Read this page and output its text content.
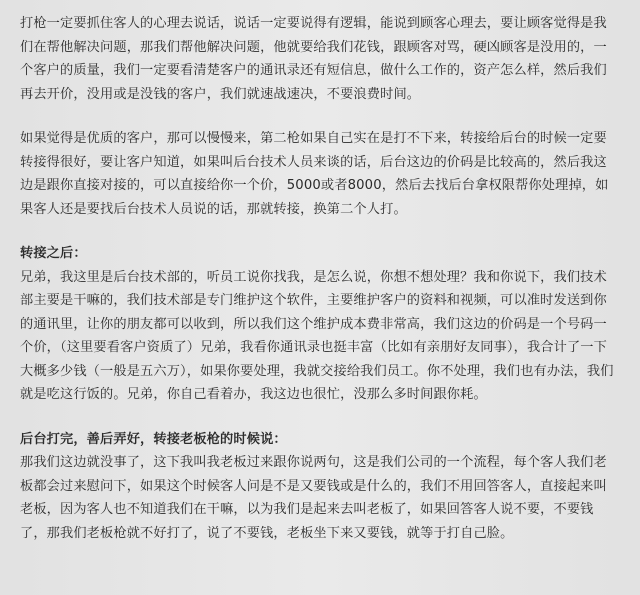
打枪一定要抓住客人的心理去说话，说话一定要说得有逻辑，能说到顾客心理去，要让顾客觉得是我们在帮他解决问题，那我们帮他解决问题，他就要给我们花钱，跟顾客对骂，硬凶顾客是没用的，一个客户的质量，我们一定要看清楚客户的通讯录还有短信息，做什么工作的，资产怎么样，然后我们再去开价，没用或是没钱的客户，我们就速战速决，不要浪费时间。

如果觉得是优质的客户，那可以慢慢来，第二枪如果自己实在是打不下来，转接给后台的时候一定要转接得很好，要让客户知道，如果叫后台技术人员来谈的话，后台这边的价码是比较高的，然后我这边是跟你直接对接的，可以直接给你一个价，5000或者8000，然后去找后台拿权限帮你处理掉，如果客人还是要找后台技术人员说的话，那就转接，换第二个人打。

转接之后：

兄弟，我这里是后台技术部的，听员工说你找我，是怎么说，你想不想处理？我和你说下，我们技术部主要是干嘛的，我们技术部是专门维护这个软件，主要维护客户的资料和视频，可以准时发送到你的通讯里，让你的朋友都可以收到，所以我们这个维护成本费非常高，我们这边的价码是一个号码一个价，（这里要看客户资质了）兄弟，我看你通讯录也挺丰富（比如有亲朋好友同事），我合计了一下大概多少钱（一般是五六万），如果你要处理，我就交接给我们员工。你不处理，我们也有办法，我们就是吃这行饭的。兄弟，你自己看着办，我这边也很忙，没那么多时间跟你耗。

后台打完，善后弄好，转接老板枪的时候说：

那我们这边就没事了，这下我叫我老板过来跟你说两句，这是我们公司的一个流程，每个客人我们老板都会过来慰问下，如果这个时候客人问是不是又要钱或是什么的，我们不用回答客人，直接起来叫老板，因为客人也不知道我们在干嘛，以为我们是起来去叫老板了，如果回答客人说不要，不要钱了，那我们老板枪就不好打了，说了不要钱，老板坐下来又要钱，就等于打自己脸。
